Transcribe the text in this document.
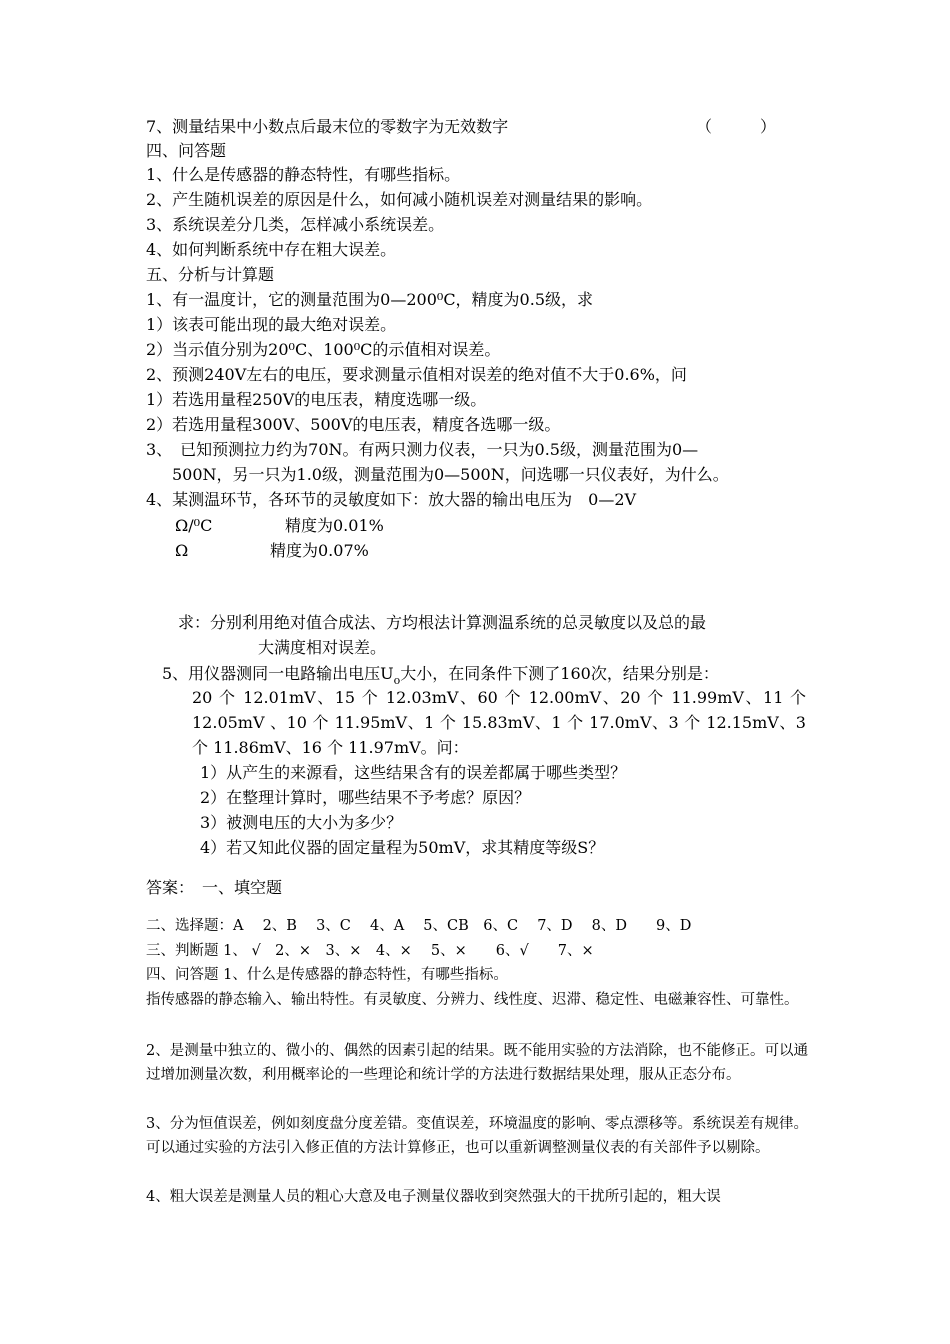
7、测量结果中小数点后最末位的零数字为无效数字	（　　　）
四、问答题
1、什么是传感器的静态特性，有哪些指标。
2、产生随机误差的原因是什么，如何减小随机误差对测量结果的影响。
3、系统误差分几类，怎样减小系统误差。
4、如何判断系统中存在粗大误差。
五、分析与计算题
1、有一温度计，它的测量范围为0—200⁰C，精度为0.5级，求
1）该表可能出现的最大绝对误差。
2）当示值分别为20⁰C、100⁰C的示值相对误差。
2、预测240V左右的电压，要求测量示值相对误差的绝对值不大于0.6%，问
1）若选用量程250V的电压表，精度选哪一级。
2）若选用量程300V、500V的电压表，精度各选哪一级。
3、　已知预测拉力约为70N。有两只测力仪表，一只为0.5级，测量范围为0—
500N，另一只为1.0级，测量范围为0—500N，问选哪一只仪表好，为什么。
4、某测温环节，各环节的灵敏度如下：放大器的输出电压为　0—2V
Ω/⁰C	精度为0.01%
Ω	精度为0.07%
求：分别利用绝对值合成法、方均根法计算测温系统的总灵敏度以及总的最
大满度相对误差。
5、用仪器测同一电路输出电压$U_o$大小，在同条件下测了160次，结果分别是：
20 个 12.01mV、15 个 12.03mV、60 个 12.00mV、20 个 11.99mV、11 个
12.05mV 、10 个 11.95mV、1 个 15.83mV、1 个 17.0mV、3 个 12.15mV、3
个 11.86mV、16 个 11.97mV。问：
1）从产生的来源看，这些结果含有的误差都属于哪些类型？
2）在整理计算时，哪些结果不予考虑？原因？
3）被测电压的大小为多少？
4）若又知此仪器的固定量程为50mV，求其精度等级S？
答案：　一、填空题
二、选择题：A　 2、B　 3、C　 4、A　 5、CB　6、C　 7、D　 8、D　　9、D
三、判断题 1、 √　2、×　3、×　4、×　 5、×　　6、√　　7、×
四、问答题 1、什么是传感器的静态特性，有哪些指标。
指传感器的静态输入、输出特性。有灵敏度、分辨力、线性度、迟滞、稳定性、电磁兼容性、可靠性。
2、是测量中独立的、微小的、偶然的因素引起的结果。既不能用实验的方法消除，也不能修正。可以通过增加测量次数，利用概率论的一些理论和统计学的方法进行数据结果处理，服从正态分布。
3、分为恒值误差，例如刻度盘分度差错。变值误差，环境温度的影响、零点漂移等。系统误差有规律。可以通过实验的方法引入修正值的方法计算修正，也可以重新调整测量仪表的有关部件予以剔除。
4、粗大误差是测量人员的粗心大意及电子测量仪器收到突然强大的干扰所引起的，粗大误
